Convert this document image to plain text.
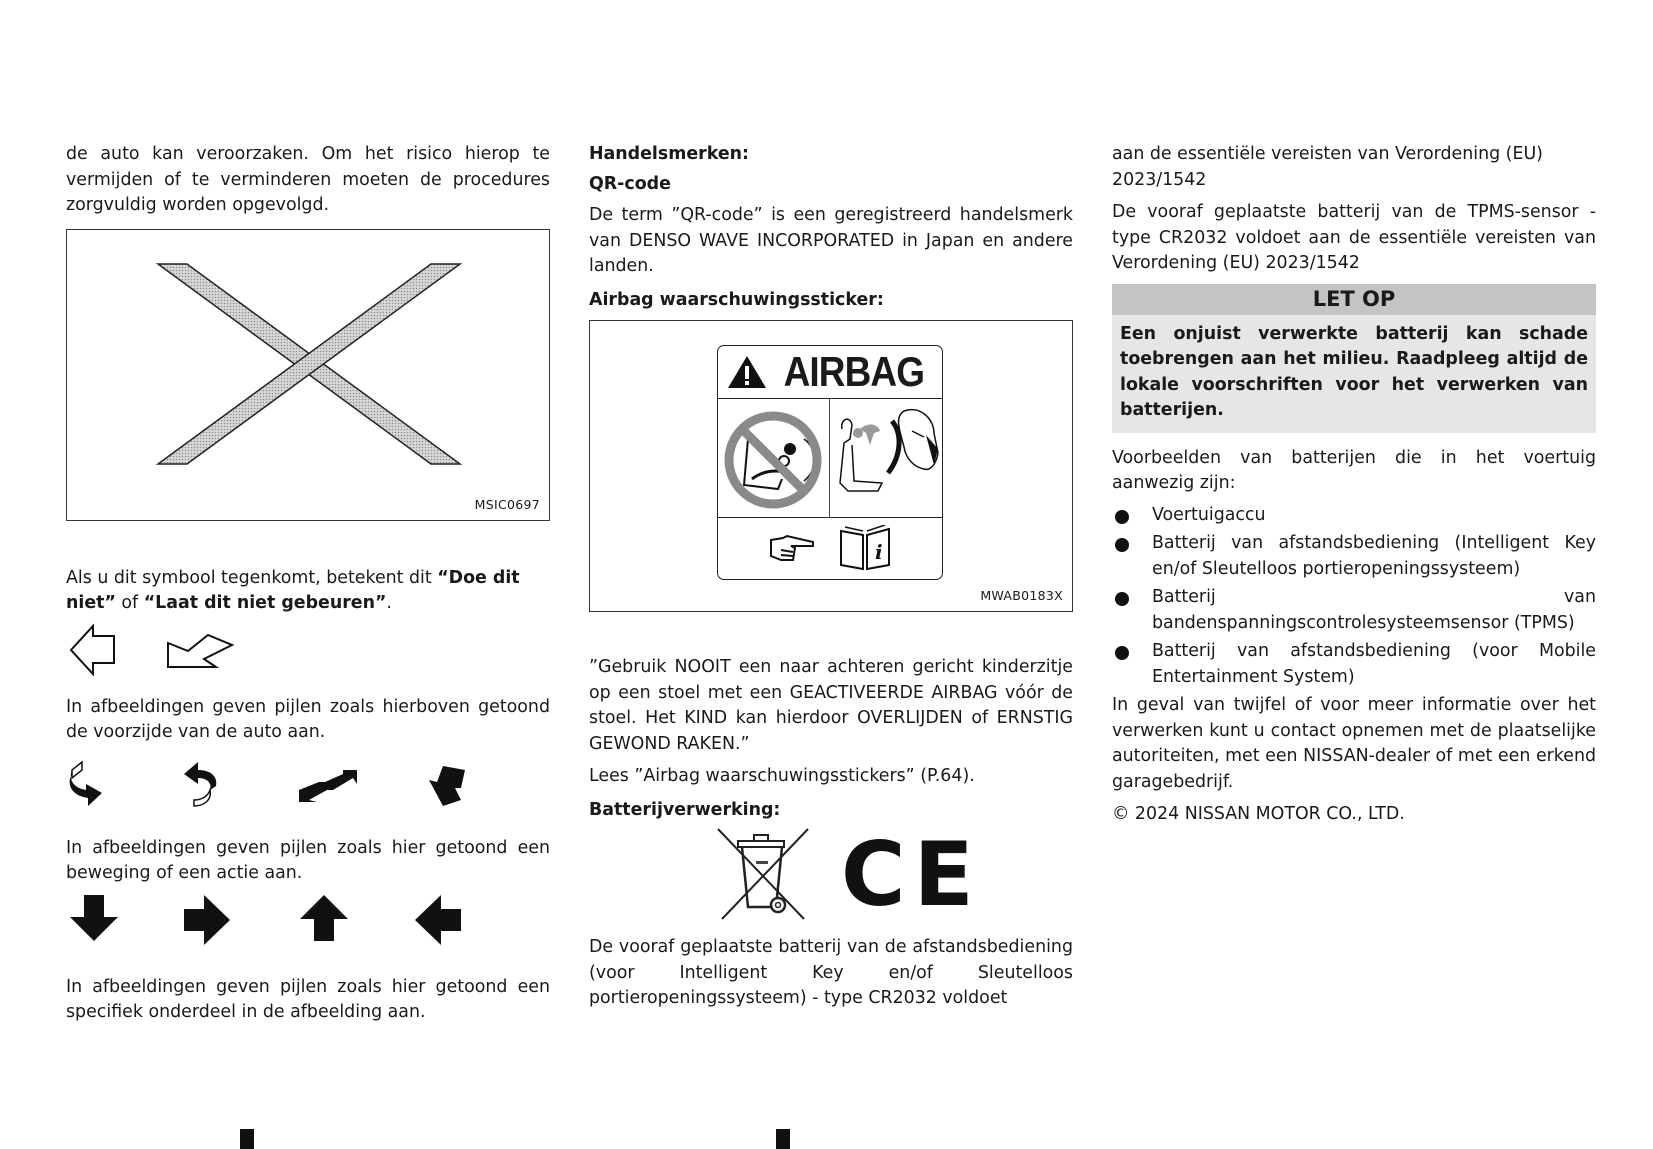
de auto kan veroorzaken. Om het risico hierop te vermijden of te verminderen moeten de procedures zorgvuldig worden opgevolgd.

MSIC0697

Als u dit symbool tegenkomt, betekent dit “Doe dit niet” of “Laat dit niet gebeuren”.

In afbeeldingen geven pijlen zoals hierboven getoond de voorzijde van de auto aan.

In afbeeldingen geven pijlen zoals hier getoond een beweging of een actie aan.

In afbeeldingen geven pijlen zoals hier getoond een specifiek onderdeel in de afbeelding aan.

Handelsmerken:

QR-code

De term ”QR-code” is een geregistreerd handelsmerk van DENSO WAVE INCORPORATED in Japan en andere landen.

Airbag waarschuwingssticker:

AIRBAG
i
MWAB0183X

”Gebruik NOOIT een naar achteren gericht kinderzitje op een stoel met een GEACTIVEERDE AIRBAG vóór de stoel. Het KIND kan hierdoor OVERLIJDEN of ERNSTIG GEWOND RAKEN.”

Lees ”Airbag waarschuwingsstickers” (P.64).

Batterijverwerking:

CE

De vooraf geplaatste batterij van de afstandsbediening (voor Intelligent Key en/of Sleutelloos portieropeningssysteem) - type CR2032 voldoet

aan de essentiële vereisten van Verordening (EU) 2023/1542

De vooraf geplaatste batterij van de TPMS-sensor - type CR2032 voldoet aan de essentiële vereisten van Verordening (EU) 2023/1542

LET OP

Een onjuist verwerkte batterij kan schade toebrengen aan het milieu. Raadpleeg altijd de lokale voorschriften voor het verwerken van batterijen.

Voorbeelden van batterijen die in het voertuig aanwezig zijn:

Voertuigaccu
Batterij van afstandsbediening (Intelligent Key en/of Sleutelloos portieropeningssysteem)
Batterij van bandenspanningscontrolesysteemsensor (TPMS)
Batterij van afstandsbediening (voor Mobile Entertainment System)

In geval van twijfel of voor meer informatie over het verwerken kunt u contact opnemen met de plaatselijke autoriteiten, met een NISSAN-dealer of met een erkend garagebedrijf.

© 2024 NISSAN MOTOR CO., LTD.
